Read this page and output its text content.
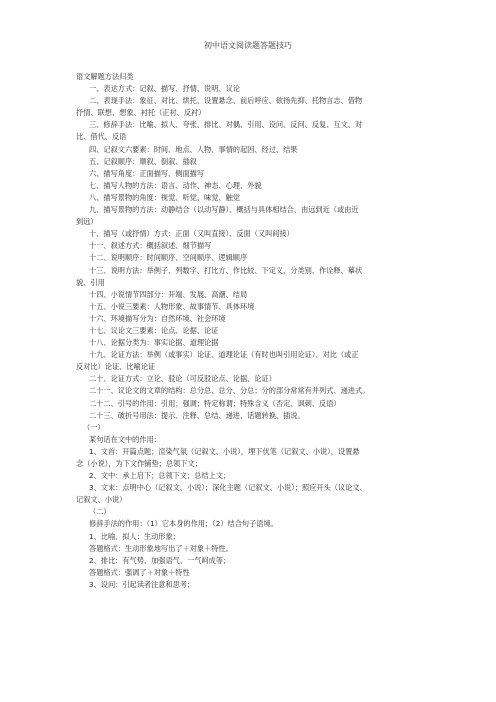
初中语文阅读题答题技巧
语文解题方法归类
一、表达方式：记叙、描写、抒情、说明、议论
二、表现手法：象征、对比、烘托、设置悬念、前后呼应、欲扬先抑、托物言志、借物
抒情、联想、想象、衬托（正衬、反衬）
三、修辞手法：比喻、拟人、夸张、排比、对偶、引用、设问、反问、反复、互文、对
比、借代、反语
四、记叙文六要素：时间、地点、人物、事情的起因、经过、结果
五、记叙顺序：顺叙、倒叙、插叙
六、描写角度：正面描写、侧面描写
七、描写人物的方法：语言、动作、神态、心理、外貌
八、描写景物的角度：视觉、听觉、味觉、触觉
九、描写景物的方法：动静结合（以动写静）、概括与具体相结合、由远到近（或由近
到远）
十、描写（或抒情）方式：正面（又叫直接）、反面（又叫间接）
十一、叙述方式：概括叙述、细节描写
十二、说明顺序：时间顺序、空间顺序、逻辑顺序
十三、说明方法：举例子、列数字、打比方、作比较、下定义、分类别、作诠释、摹状
貌、引用
十四、小说情节四部分：开端、发展、高潮、结局
十五、小说三要素：人物形象、故事情节、具体环境
十六、环境描写分为：自然环境、社会环境
十七、议论文三要素：论点、论据、论证
十八、论据分类为：事实论据、道理论据
十九、论证方法：举例（或事实）论证、道理论证（有时也叫引用论证）、对比（或正
反对比）论证、比喻论证
二十、论证方式：立论、驳论（可反驳论点、论据、论证）
二十一、议论文的文章的结构：总分总、总分、分总；分的部分常常有并列式、递进式。
二十二、引号的作用：引用；强调；特定称谓；特殊含义（否定、讽刺、反语）
二十三、破折号用法：提示、注释、总结、递进、话题转换、插说。
（一）
某句话在文中的作用：
1、文首：开篇点题；渲染气氛（记叙文、小说），埋下伏笔（记叙文、小说），设置悬
念（小说），为下文作铺垫；总领下文；
2、文中：承上启下；总领下文；总结上文；
3、文末：点明中心（记叙文、小说）；深化主题（记叙文、小说）；照应开头（议论文、
记叙文、小说）
（二）
修辞手法的作用：（1）它本身的作用；（2）结合句子语境。
1、比喻、拟人：生动形象；
答题格式：生动形象地写出了＋对象＋特性。
2、排比：有气势、加强语气、一气呵成等；
答题格式：强调了＋对象＋特性
3、设问：引起读者注意和思考；
